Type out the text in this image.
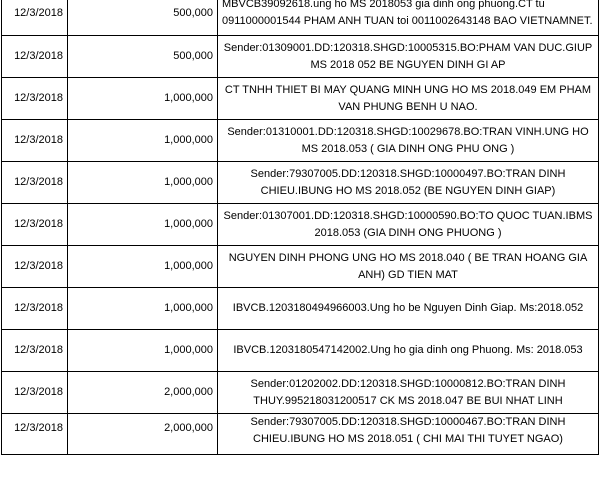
12/3/2018	500,000	MBVCB39092618.ung ho MS 2018053 gia dinh ong phuong.CT tu 0911000001544 PHAM ANH TUAN toi 0011002643148 BAO VIETNAMNET.
12/3/2018	500,000	Sender:01309001.DD:120318.SHGD:10005315.BO:PHAM VAN DUC.GIUP MS 2018 052 BE NGUYEN DINH GI AP
12/3/2018	1,000,000	CT TNHH THIET BI MAY QUANG MINH UNG HO MS 2018.049 EM PHAM VAN PHUNG BENH U NAO.
12/3/2018	1,000,000	Sender:01310001.DD:120318.SHGD:10029678.BO:TRAN VINH.UNG HO MS 2018.053 ( GIA DINH ONG PHU ONG )
12/3/2018	1,000,000	Sender:79307005.DD:120318.SHGD:10000497.BO:TRAN DINH CHIEU.IBUNG HO MS 2018.052 (BE NGUYEN DINH GIAP)
12/3/2018	1,000,000	Sender:01307001.DD:120318.SHGD:10000590.BO:TO QUOC TUAN.IBMS 2018.053 (GIA DINH ONG PHUONG )
12/3/2018	1,000,000	NGUYEN DINH PHONG UNG HO MS 2018.040 ( BE TRAN HOANG GIA ANH) GD TIEN MAT
12/3/2018	1,000,000	IBVCB.1203180494966003.Ung ho be Nguyen Dinh Giap. Ms:2018.052
12/3/2018	1,000,000	IBVCB.1203180547142002.Ung ho gia dinh ong Phuong. Ms: 2018.053
12/3/2018	2,000,000	Sender:01202002.DD:120318.SHGD:10000812.BO:TRAN DINH THUY.995218031200517 CK MS 2018.047 BE BUI NHAT LINH
12/3/2018	2,000,000	Sender:79307005.DD:120318.SHGD:10000467.BO:TRAN DINH CHIEU.IBUNG HO MS 2018.051 ( CHI MAI THI TUYET NGAO)
